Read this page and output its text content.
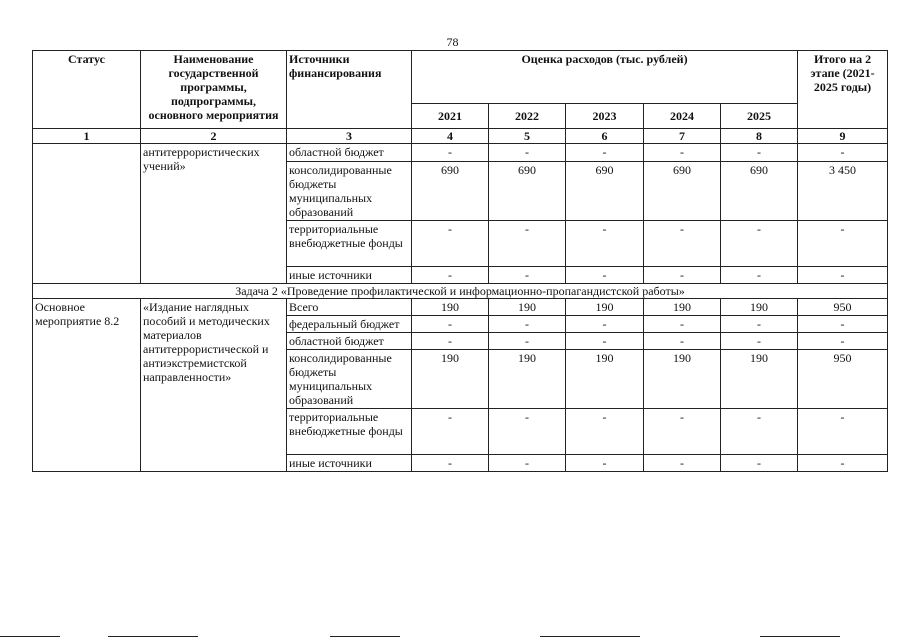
78
Статус	Наименование государственной программы, подпрограммы, основного мероприятия	Источники финансирования	Оценка расходов (тыс. рублей)					Итого на 2 этапе (2021-2025 годы)
			2021	2022	2023	2024	2025	
1	2	3	4	5	6	7	8	9
	антитеррористических учений»	областной бюджет	-	-	-	-	-	-
		консолидированные бюджеты муниципальных образований	690	690	690	690	690	3 450
		территориальные внебюджетные фонды	-	-	-	-	-	-
		иные источники	-	-	-	-	-	-
Задача 2 «Проведение профилактической и информационно-пропагандистской работы»								
Основное мероприятие 8.2	«Издание наглядных пособий и методических материалов антитеррористической и антиэкстремистской направленности»	Всего	190	190	190	190	190	950
		федеральный бюджет	-	-	-	-	-	-
		областной бюджет	-	-	-	-	-	-
		консолидированные бюджеты муниципальных образований	190	190	190	190	190	950
		территориальные внебюджетные фонды	-	-	-	-	-	-
		иные источники	-	-	-	-	-	-
